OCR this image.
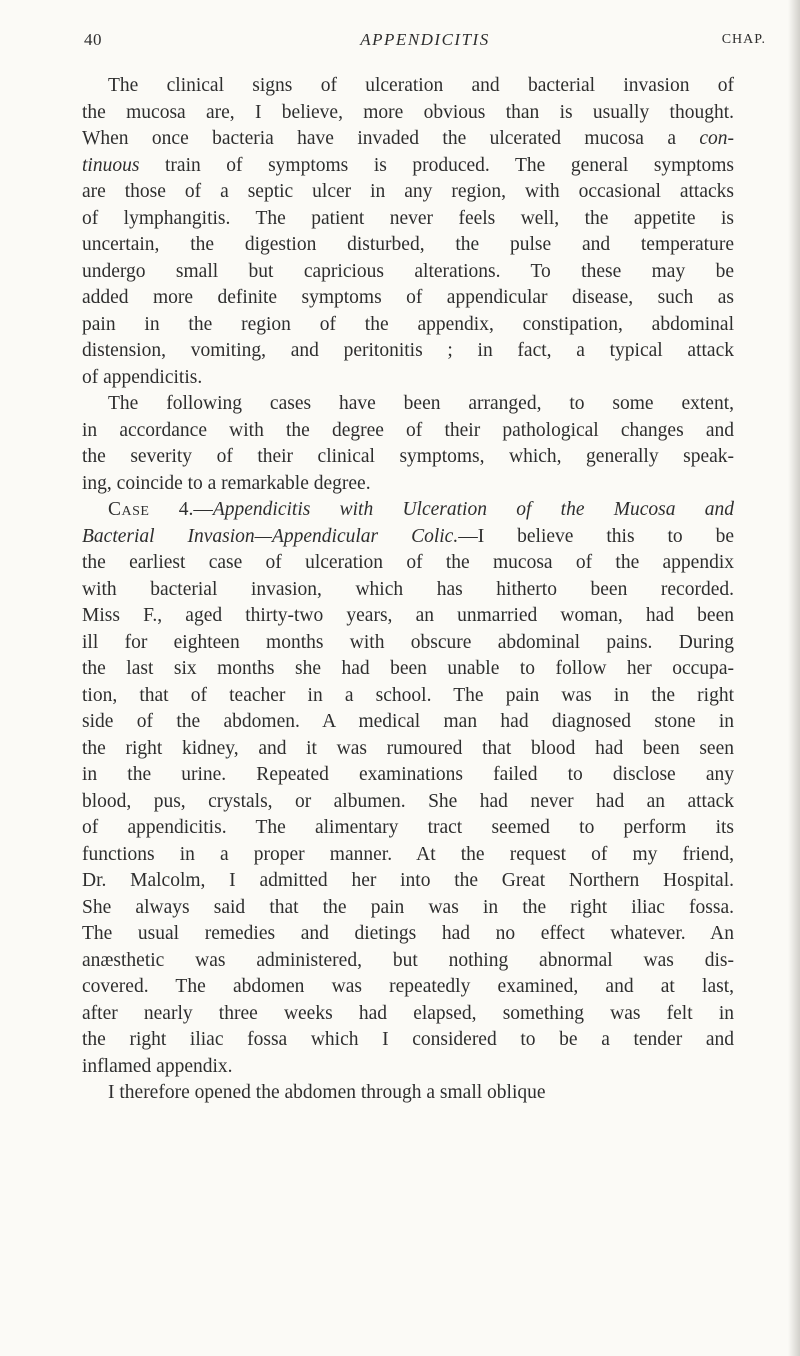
40	APPENDICITIS	CHAP.
The clinical signs of ulceration and bacterial invasion of
the mucosa are, I believe, more obvious than is usually thought.
When once bacteria have invaded the ulcerated mucosa a con-
tinuous train of symptoms is produced. The general symptoms
are those of a septic ulcer in any region, with occasional attacks
of lymphangitis. The patient never feels well, the appetite is
uncertain, the digestion disturbed, the pulse and temperature
undergo small but capricious alterations. To these may be
added more definite symptoms of appendicular disease, such as
pain in the region of the appendix, constipation, abdominal
distension, vomiting, and peritonitis ; in fact, a typical attack
of appendicitis.
The following cases have been arranged, to some extent,
in accordance with the degree of their pathological changes and
the severity of their clinical symptoms, which, generally speak-
ing, coincide to a remarkable degree.
Case 4.—Appendicitis with Ulceration of the Mucosa and
Bacterial Invasion—Appendicular Colic.—I believe this to be
the earliest case of ulceration of the mucosa of the appendix
with bacterial invasion, which has hitherto been recorded.
Miss F., aged thirty-two years, an unmarried woman, had been
ill for eighteen months with obscure abdominal pains. During
the last six months she had been unable to follow her occupa-
tion, that of teacher in a school. The pain was in the right
side of the abdomen. A medical man had diagnosed stone in
the right kidney, and it was rumoured that blood had been seen
in the urine. Repeated examinations failed to disclose any
blood, pus, crystals, or albumen. She had never had an attack
of appendicitis. The alimentary tract seemed to perform its
functions in a proper manner. At the request of my friend,
Dr. Malcolm, I admitted her into the Great Northern Hospital.
She always said that the pain was in the right iliac fossa.
The usual remedies and dietings had no effect whatever. An
anæsthetic was administered, but nothing abnormal was dis-
covered. The abdomen was repeatedly examined, and at last,
after nearly three weeks had elapsed, something was felt in
the right iliac fossa which I considered to be a tender and
inflamed appendix.
I therefore opened the abdomen through a small oblique
